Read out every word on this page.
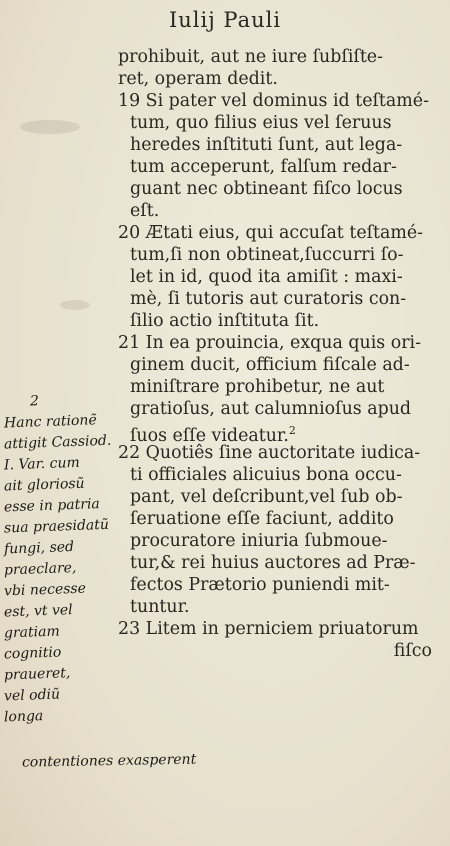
Iulij Pauli
prohibuit, aut ne iure ſubſiſte-
ret, operam dedit.
19 Si pater vel dominus id teſtamé-
tum, quo filius eius vel ſeruus
heredes inſtituti ſunt, aut lega-
tum acceperunt, falſum redar-
guant nec obtineant fiſco locus
eſt.
20 Ætati eius, qui accuſat teſtamé-
tum,ſi non obtineat,ſuccurri ſo-
let in id, quod ita amiſit : maxi-
mè, ſi tutoris aut curatoris con-
ſilio actio inſtituta ſit.
21 In ea prouincia, exqua quis ori-
ginem ducit, officium fiſcale ad-
miniſtrare prohibetur, ne aut
gratioſus, aut calumnioſus apud
ſuos eſſe videatur.$^2$
22 Quotiês ſine auctoritate iudica-
ti officiales alicuius bona occu-
pant, vel deſcribunt,vel ſub ob-
ſeruatione eſſe faciunt, addito
procuratore iniuria ſubmoue-
tur,& rei huius auctores ad Præ-
fectos Prætorio puniendi mit-
tuntur.
23 Litem in perniciem priuatorum
fiſco
2
Hanc rationẽ
attigit Cassiod.
I. Var. cum
ait gloriosũ
esse in patria
sua praesidatũ
fungi, sed
praeclare,
vbi necesse
est, vt vel
gratiam
cognitio
praueret,
vel odiũ
longa
contentiones exasperent
